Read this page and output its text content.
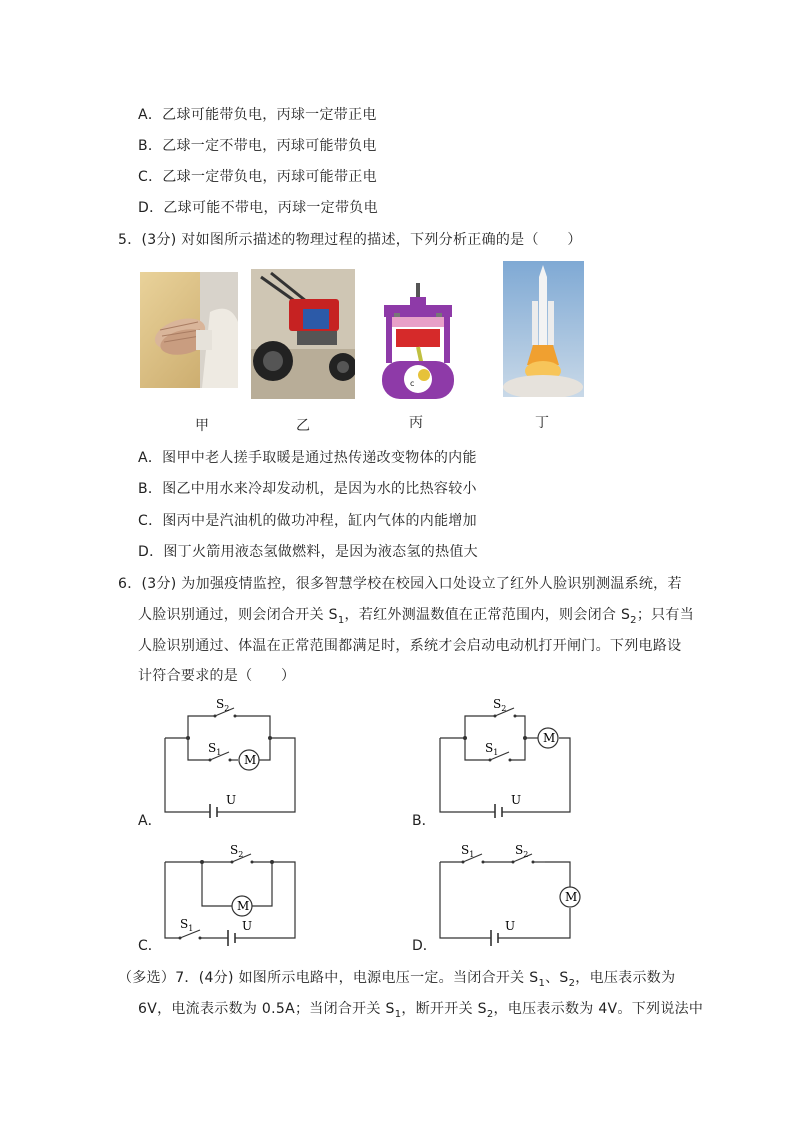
A．乙球可能带负电，丙球一定带正电
B．乙球一定不带电，丙球可能带负电
C．乙球一定带负电，丙球可能带正电
D．乙球可能不带电，丙球一定带负电
5．(3分) 对如图所示描述的物理过程的描述，下列分析正确的是（　　）
甲	乙
c
丙	丁
A．图甲中老人搓手取暖是通过热传递改变物体的内能
B．图乙中用水来冷却发动机，是因为水的比热容较小
C．图丙中是汽油机的做功冲程，缸内气体的内能增加
D．图丁火箭用液态氢做燃料，是因为液态氢的热值大
6．(3分) 为加强疫情监控，很多智慧学校在校园入口处设立了红外人脸识别测温系统，若
人脸识别通过，则会闭合开关 $S_1$，若红外测温数值在正常范围内，则会闭合 $S_2$；只有当
人脸识别通过、体温在正常范围都满足时，系统才会启动电动机打开闸门。下列电路设
计符合要求的是（　　）
A．
$S_2$
$S_1$
M
U
B．
$S_2$
$S_1$
M
U
C．
$S_2$
$S_1$
M
U
D．
$S_1$	$S_2$
M
U
（多选）7．(4分) 如图所示电路中，电源电压一定。当闭合开关 $S_1$、$S_2$，电压表示数为
6V，电流表示数为 0.5A；当闭合开关 $S_1$，断开开关 $S_2$，电压表示数为 4V。下列说法中
